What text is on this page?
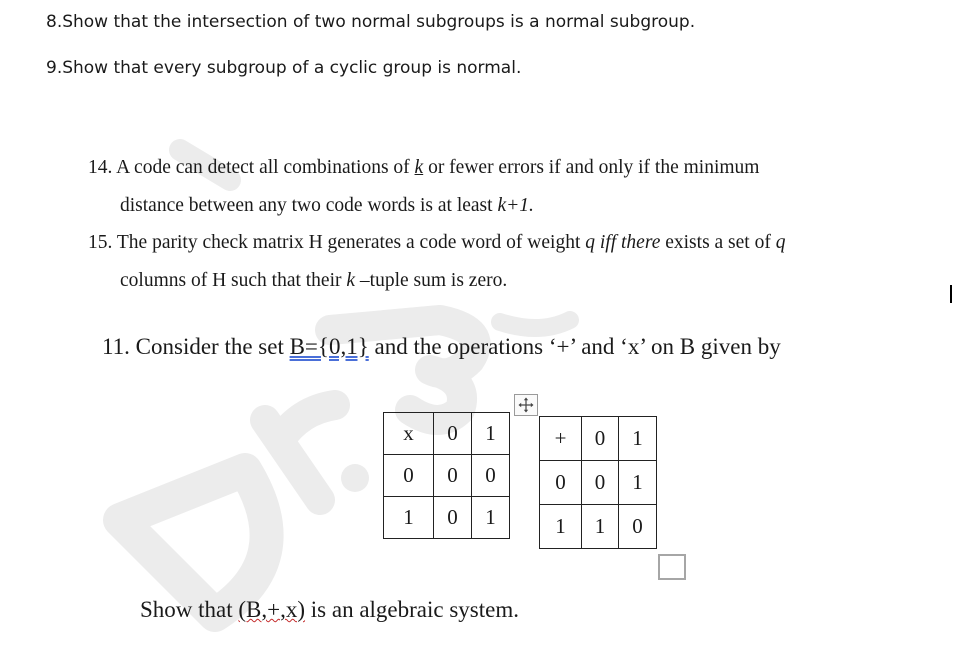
8.Show that the intersection of two normal subgroups is a normal subgroup.
9.Show that every subgroup of a cyclic group is normal.
14. A code can detect all combinations of k or fewer errors if and only if the minimum
distance between any two code words is at least k+1.
15. The parity check matrix H generates a code word of weight q iff there exists a set of q
columns of H such that their k –tuple sum is zero.
11. Consider the set B={0,1} and the operations ‘+’ and ‘x’ on B given by
x	0	1
0	0	0
1	0	1
+	0	1
0	0	1
1	1	0
Show that (B,+,x) is an algebraic system.
